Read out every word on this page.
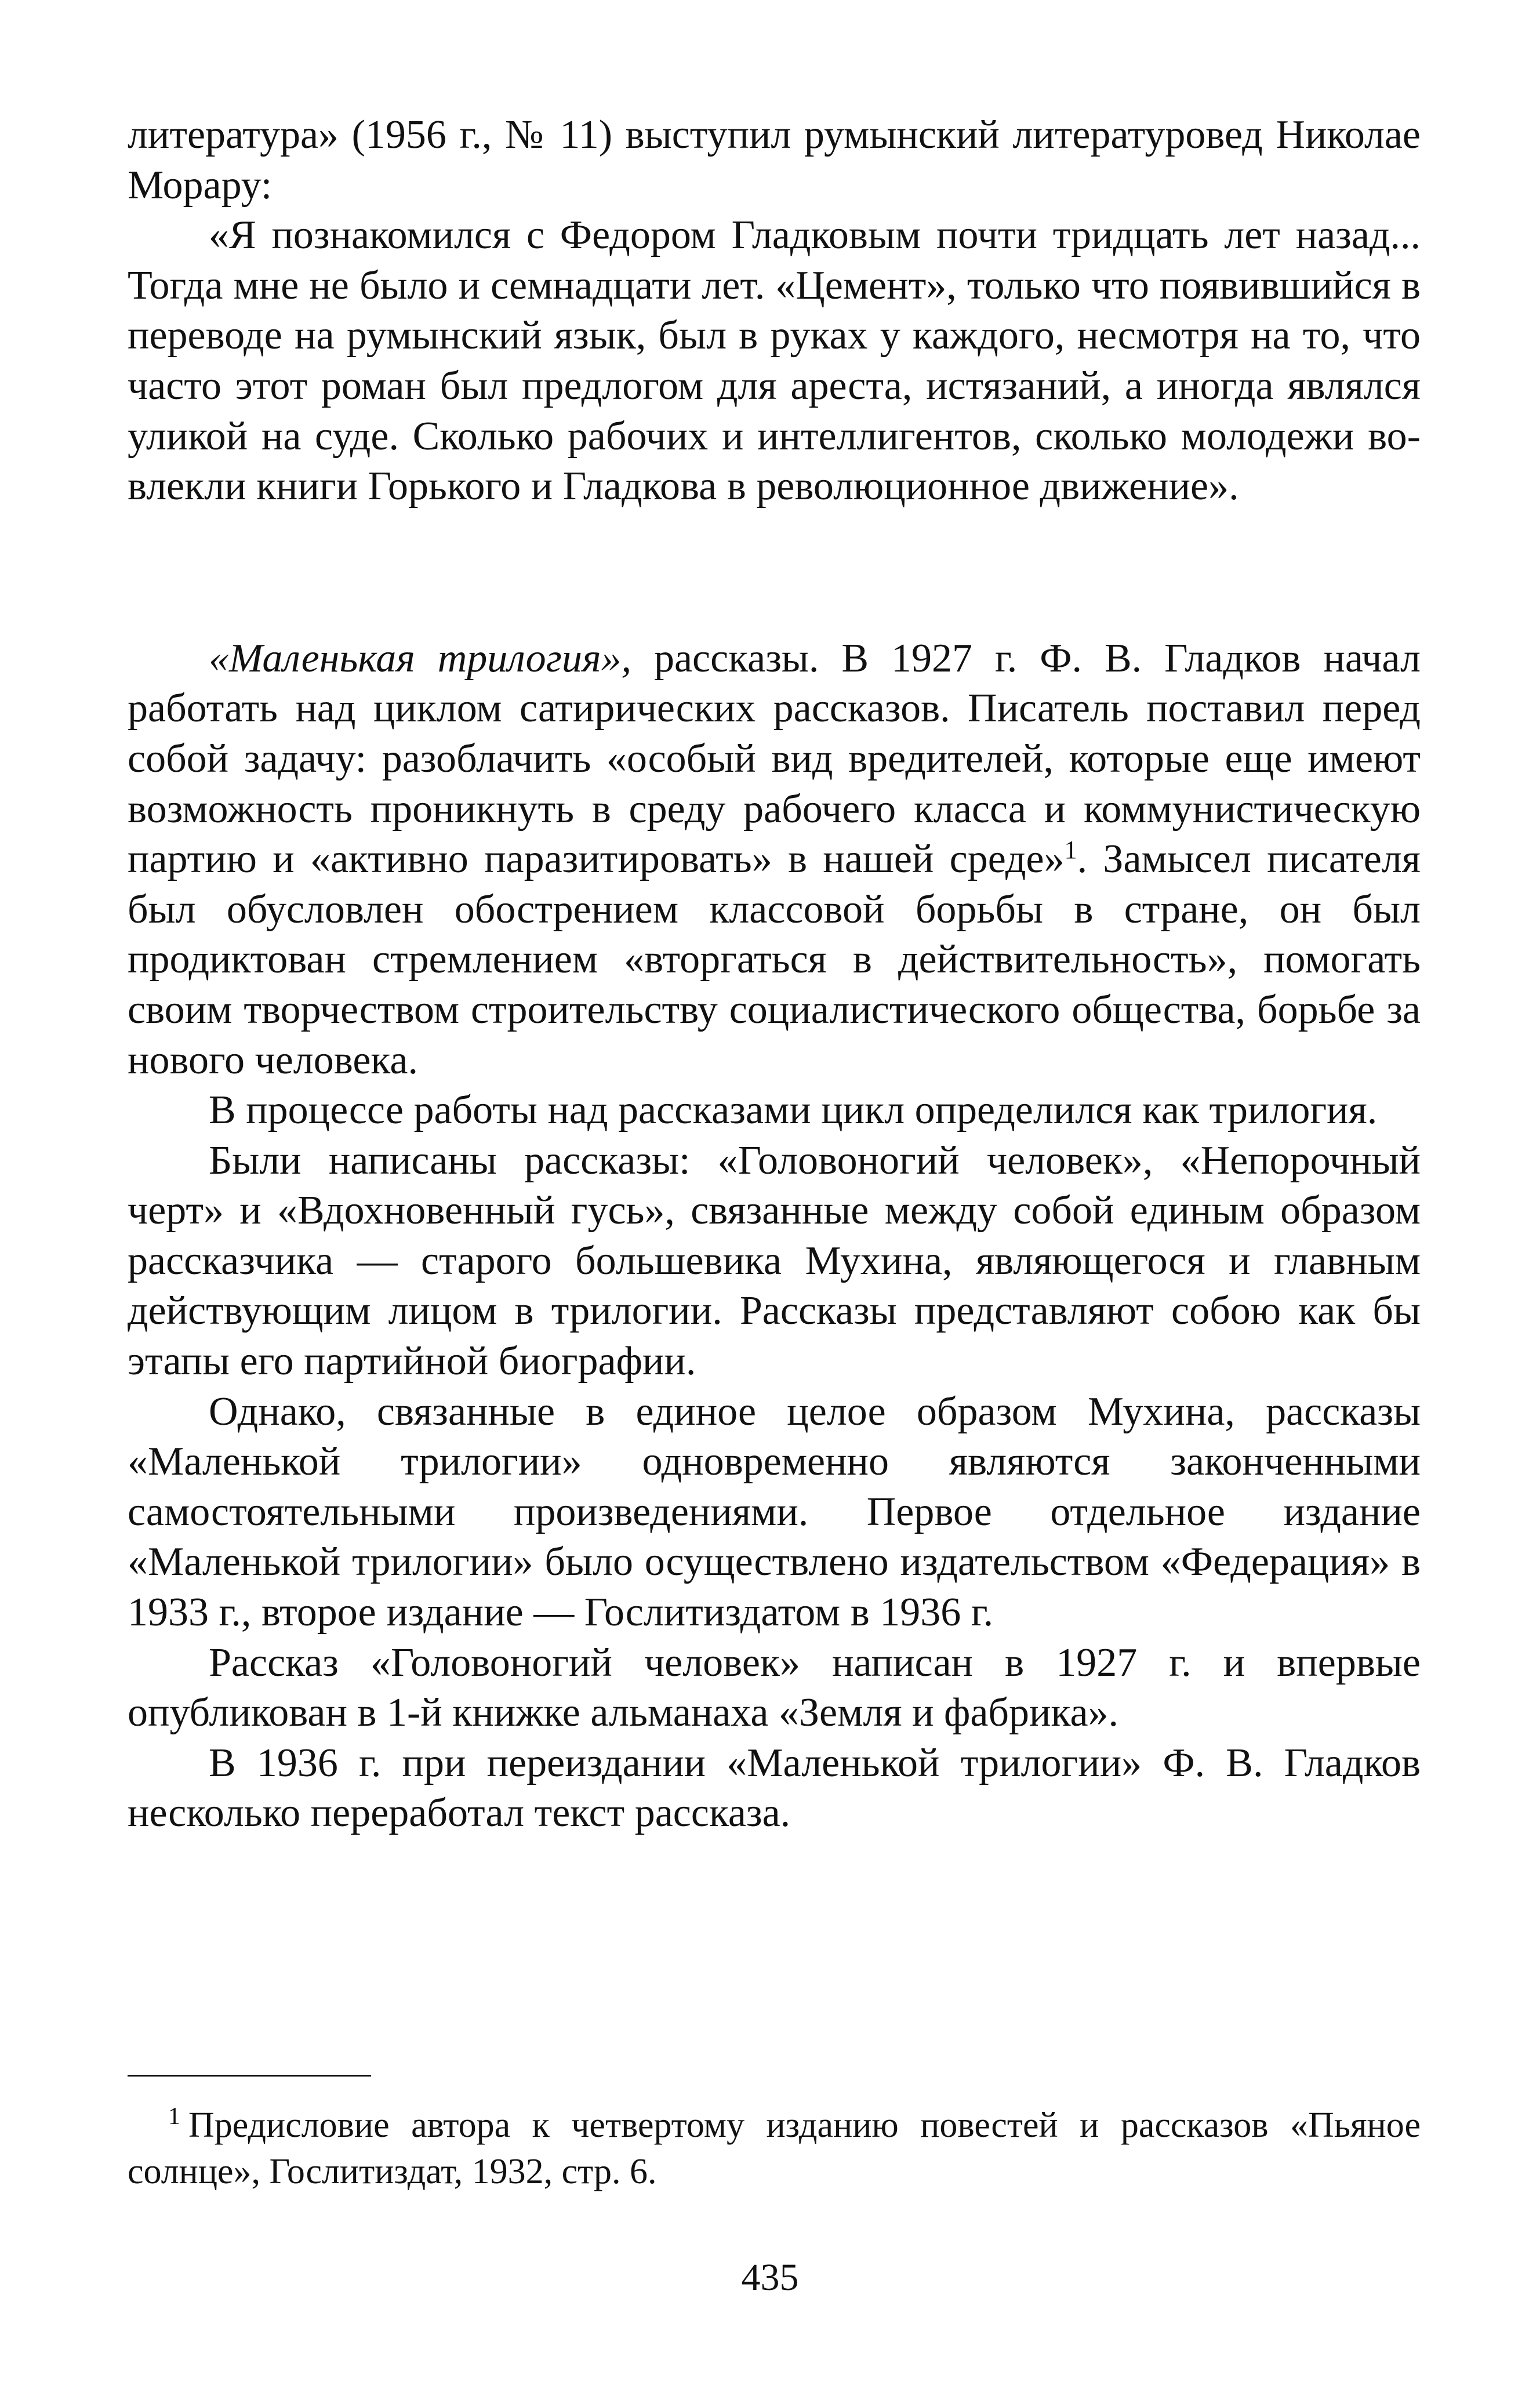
литература» (1956 г., № 11) выступил румынский литературовед Николае Морару:

«Я познакомился с Федором Гладковым почти тридцать лет назад... Тогда мне не было и семнадцати лет. «Цемент», только что появившийся в переводе на румынский язык, был в руках у каждого, несмотря на то, что часто этот роман был предлогом для ареста, истязаний, а иногда являлся уликой на суде. Сколько рабочих и интеллигентов, сколько молодежи вовлекли книги Горького и Гладкова в революционное движение».

«Маленькая трилогия», рассказы. В 1927 г. Ф. В. Гладков начал работать над циклом сатирических рассказов. Писатель поставил перед собой задачу: разоблачить «особый вид вредителей, которые еще имеют возможность проникнуть в среду рабочего класса и коммунистическую партию и «активно паразитировать» в нашей среде»$^1$. Замысел писателя был обусловлен обострением классовой борьбы в стране, он был продиктован стремлением «вторгаться в действительность», помогать своим творчеством строительству социалистического общества, борьбе за нового человека.

В процессе работы над рассказами цикл определился как трилогия.

Были написаны рассказы: «Головоногий человек», «Непорочный черт» и «Вдохновенный гусь», связанные между собой единым образом рассказчика — старого большевика Мухина, являющегося и главным действующим лицом в трилогии. Рассказы представляют собою как бы этапы его партийной биографии.

Однако, связанные в единое целое образом Мухина, рассказы «Маленькой трилогии» одновременно являются законченными самостоятельными произведениями. Первое отдельное издание «Маленькой трилогии» было осуществлено издательством «Федерация» в 1933 г., второе издание — Гослитиздатом в 1936 г.

Рассказ «Головоногий человек» написан в 1927 г. и впервые опубликован в 1-й книжке альманаха «Земля и фабрика».

В 1936 г. при переиздании «Маленькой трилогии» Ф. В. Гладков несколько переработал текст рассказа.

$^1$ Предисловие автора к четвертому изданию повестей и рассказов «Пьяное солнце», Гослитиздат, 1932, стр. 6.

435
